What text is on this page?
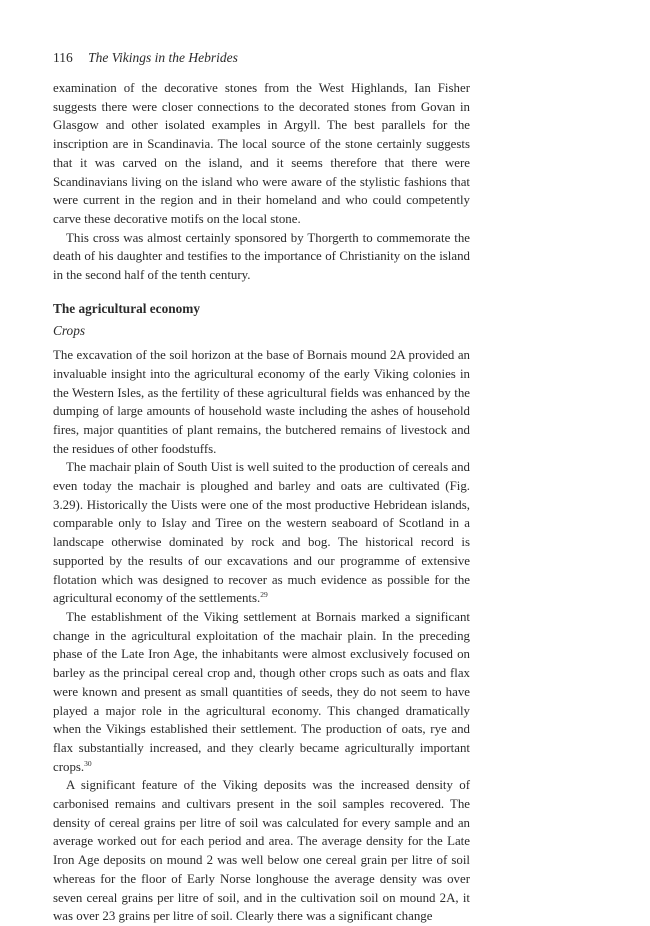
116 The Vikings in the Hebrides

examination of the decorative stones from the West Highlands, Ian Fisher suggests there were closer connections to the decorated stones from Govan in Glasgow and other isolated examples in Argyll. The best parallels for the inscription are in Scandinavia. The local source of the stone certainly suggests that it was carved on the island, and it seems therefore that there were Scandinavians living on the island who were aware of the stylistic fashions that were current in the region and in their homeland and who could competently carve these decorative motifs on the local stone.

This cross was almost certainly sponsored by Thorgerth to commemorate the death of his daughter and testifies to the importance of Christianity on the island in the second half of the tenth century.

The agricultural economy
Crops

The excavation of the soil horizon at the base of Bornais mound 2A provided an invaluable insight into the agricultural economy of the early Viking colonies in the Western Isles, as the fertility of these agricultural fields was enhanced by the dumping of large amounts of household waste including the ashes of household fires, major quantities of plant remains, the butchered remains of livestock and the residues of other foodstuffs.

The machair plain of South Uist is well suited to the production of cereals and even today the machair is ploughed and barley and oats are cultivated (Fig. 3.29). Historically the Uists were one of the most productive Hebridean islands, comparable only to Islay and Tiree on the western seaboard of Scotland in a landscape otherwise dominated by rock and bog. The historical record is supported by the results of our excavations and our programme of extensive flotation which was designed to recover as much evidence as possible for the agricultural economy of the settlements.$^{29}$

The establishment of the Viking settlement at Bornais marked a significant change in the agricultural exploitation of the machair plain. In the preceding phase of the Late Iron Age, the inhabitants were almost exclusively focused on barley as the principal cereal crop and, though other crops such as oats and flax were known and present as small quantities of seeds, they do not seem to have played a major role in the agricultural economy. This changed dramatically when the Vikings established their settlement. The production of oats, rye and flax substantially increased, and they clearly became agriculturally important crops.$^{30}$

A significant feature of the Viking deposits was the increased density of carbonised remains and cultivars present in the soil samples recovered. The density of cereal grains per litre of soil was calculated for every sample and an average worked out for each period and area. The average density for the Late Iron Age deposits on mound 2 was well below one cereal grain per litre of soil whereas for the floor of Early Norse longhouse the average density was over seven cereal grains per litre of soil, and in the cultivation soil on mound 2A, it was over 23 grains per litre of soil. Clearly there was a significant change
